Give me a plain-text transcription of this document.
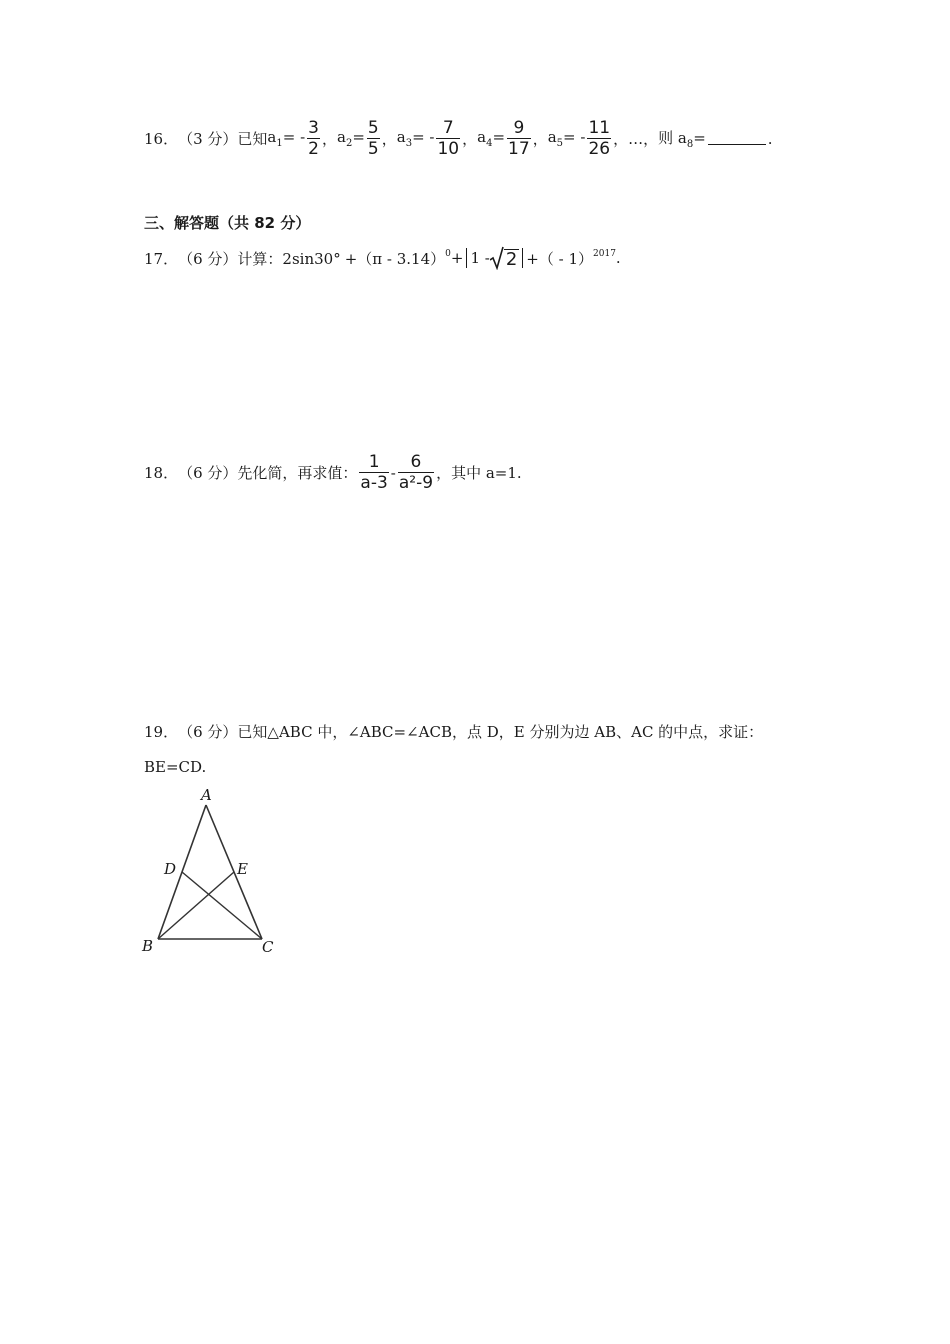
16． （3 分） 已知 $a_1= - \frac{3}{2}$ ， $a_2= \frac{5}{5}$ ， $a_3= - \frac{7}{10}$ ， $a_4= \frac{9}{17}$ ， $a_5= - \frac{11}{26}$ ， …， 则 $a_8=$	.
三、解答题（共 82 分）
17． （6 分） 计算：2sin30° +（π - 3.14） 0 + 1 - 2 +（ - 1） 2017 .
18． （6 分） 先化简，再求值： $\frac{1}{a-3} - \frac{6}{\text{a²-9}}$ ，其中 a=1.
19． （6 分） 已知△ABC 中，∠ABC=∠ACB，点 D，E 分别为边 AB、AC 的中点，求证：
BE=CD.
A
B	C
D	E
